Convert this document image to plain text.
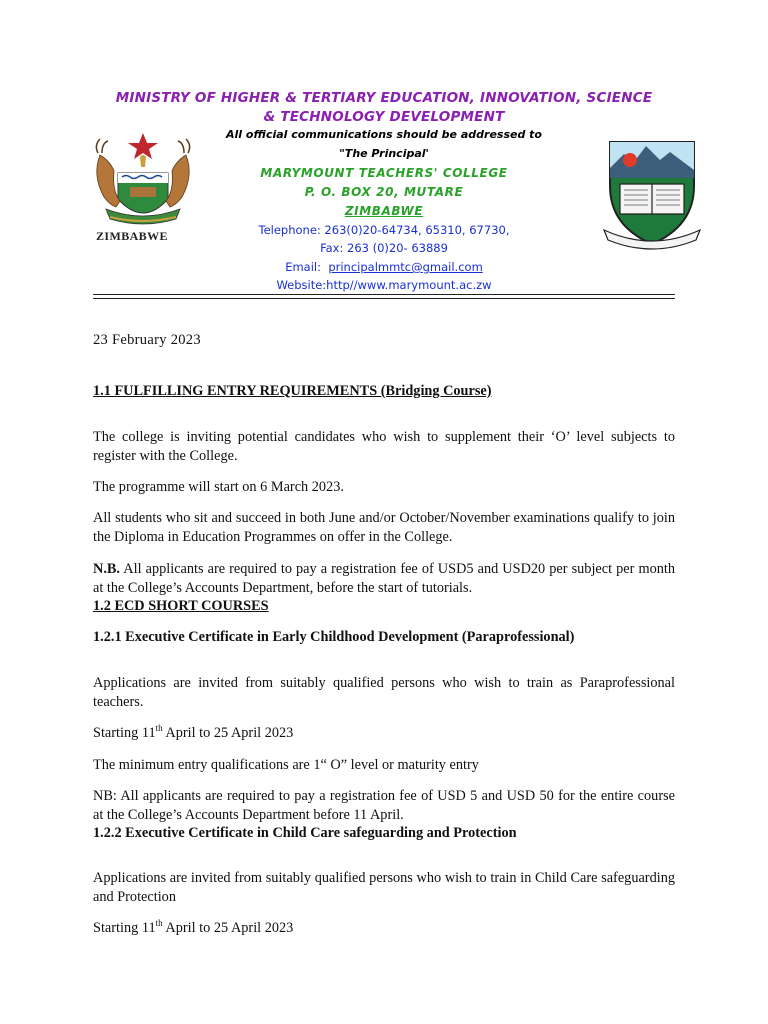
MINISTRY OF HIGHER & TERTIARY EDUCATION, INNOVATION, SCIENCE
& TECHNOLOGY DEVELOPMENT
ZIMBABWE
All official communications should be addressed to
"The Principal'
MARYMOUNT TEACHERS' COLLEGE
P. O. BOX 20, MUTARE
ZIMBABWE
Telephone: 263(0)20-64734, 65310, 67730,
Fax: 263 (0)20- 63889
Email: principalmmtc@gmail.com
Website:http//www.marymount.ac.zw
23 February 2023
1.1 FULFILLING ENTRY REQUIREMENTS (Bridging Course)

The college is inviting potential candidates who wish to supplement their ‘O’ level subjects to register with the College.

The programme will start on 6 March 2023.

All students who sit and succeed in both June and/or October/November examinations qualify to join the Diploma in Education Programmes on offer in the College.

N.B. All applicants are required to pay a registration fee of USD5 and USD20 per subject per month at the College’s Accounts Department, before the start of tutorials.

1.2 ECD SHORT COURSES
1.2.1 Executive Certificate in Early Childhood Development (Paraprofessional)

Applications are invited from suitably qualified persons who wish to train as Paraprofessional teachers.

Starting 11th April to 25 April 2023

The minimum entry qualifications are 1“ O” level or maturity entry

NB: All applicants are required to pay a registration fee of USD 5 and USD 50 for the entire course at the College’s Accounts Department before 11 April.

1.2.2 Executive Certificate in Child Care safeguarding and Protection

Applications are invited from suitably qualified persons who wish to train in Child Care safeguarding and Protection

Starting 11th April to 25 April 2023
